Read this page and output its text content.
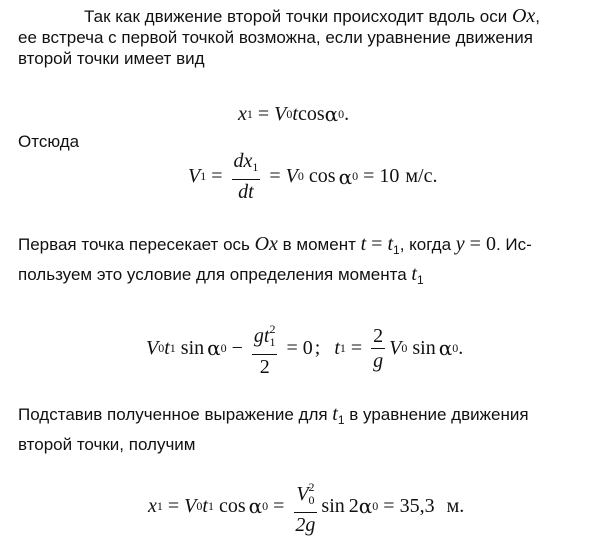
Так как движение второй точки происходит вдоль оси Ox,
ее встреча с первой точкой возможна, если уравнение движения
второй точки имеет вид
x 1 = V 0 t cos α 0 .
Отсюда
V $1 = \frac{dx_1}{dt} = V$ 0 cos α 0 = 10 м/с.
Первая точка пересекает ось Ox в момент $t = t_1$, когда y = 0. Ис-
пользуем это условие для определения момента $t_1$
V 0 t 1 sin α $0 - \frac{gt_1^2}{2} = 0$ ; t $1 = \frac{2}{g}$ V 0 sin α 0 .
Подставив полученное выражение для $t_1$ в уравнение движения
второй точки, получим
x 1 = V 0 t 1 cos α $0 = \frac{V_0^2}{2g}$ sin 2 α 0 = 35,3 м.
